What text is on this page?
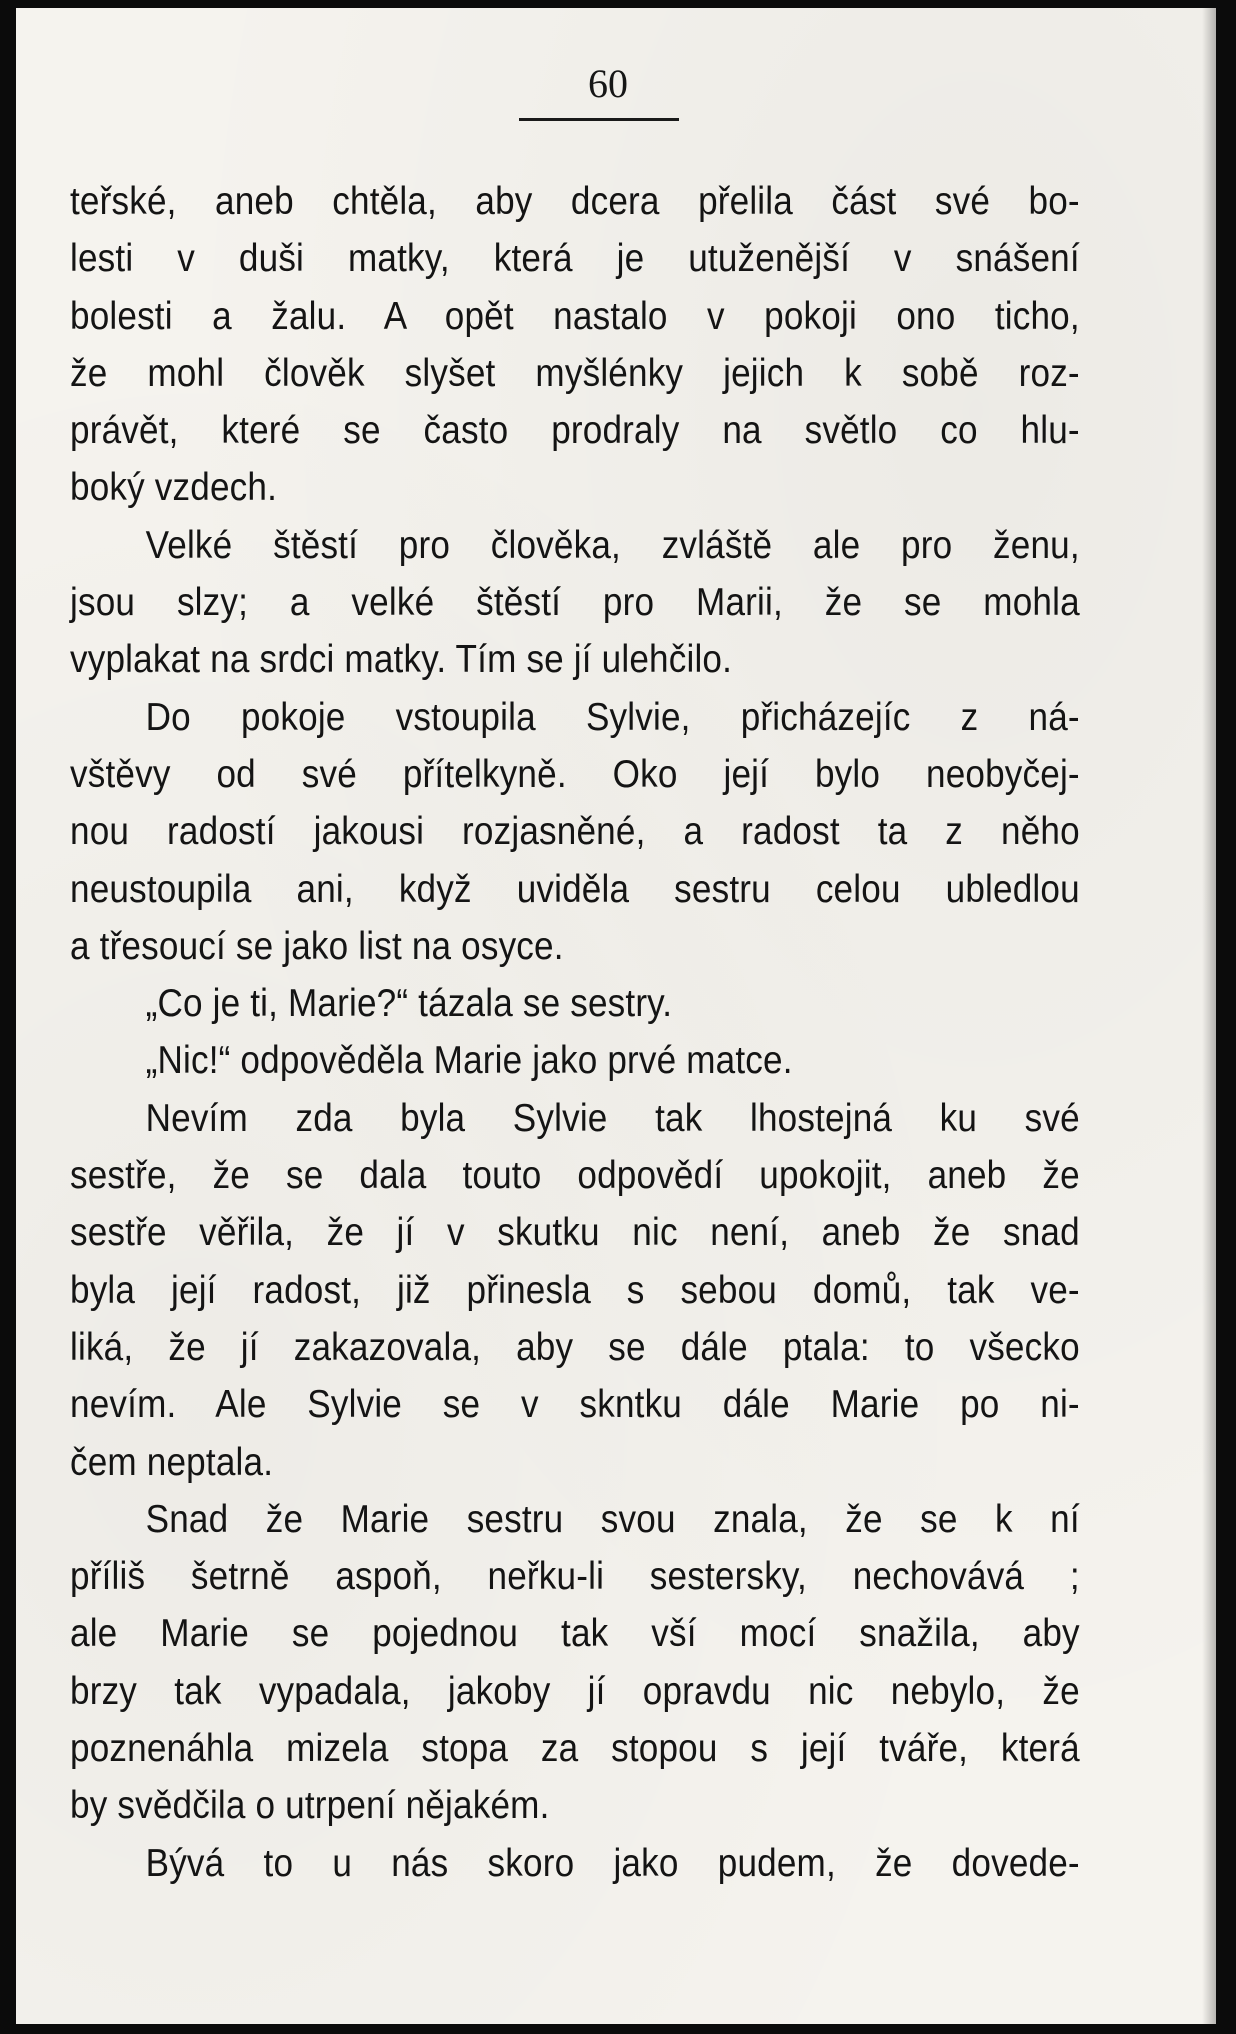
60
teřské, aneb chtěla, aby dcera přelila část své bo-
lesti v duši matky, která je utuženější v snášení
bolesti a žalu. A opět nastalo v pokoji ono ticho,
že mohl člověk slyšet myšlénky jejich k sobě roz-
právět, které se často prodraly na světlo co hlu-
boký vzdech.
Velké štěstí pro člověka, zvláště ale pro ženu,
jsou slzy; a velké štěstí pro Marii, že se mohla
vyplakat na srdci matky. Tím se jí ulehčilo.
Do pokoje vstoupila Sylvie, přicházejíc z ná-
vštěvy od své přítelkyně. Oko její bylo neobyčej-
nou radostí jakousi rozjasněné, a radost ta z něho
neustoupila ani, když uviděla sestru celou ubledlou
a třesoucí se jako list na osyce.
„Co je ti, Marie?“ tázala se sestry.
„Nic!“ odpověděla Marie jako prvé matce.
Nevím zda byla Sylvie tak lhostejná ku své
sestře, že se dala touto odpovědí upokojit, aneb že
sestře věřila, že jí v skutku nic není, aneb že snad
byla její radost, již přinesla s sebou domů, tak ve-
liká, že jí zakazovala, aby se dále ptala: to všecko
nevím. Ale Sylvie se v skntku dále Marie po ni-
čem neptala.
Snad že Marie sestru svou znala, že se k ní
příliš šetrně aspoň, neřku-li sestersky, nechovává ;
ale Marie se pojednou tak vší mocí snažila, aby
brzy tak vypadala, jakoby jí opravdu nic nebylo, že
poznenáhla mizela stopa za stopou s její tváře, která
by svědčila o utrpení nějakém.
Bývá to u nás skoro jako pudem, že dovede-
